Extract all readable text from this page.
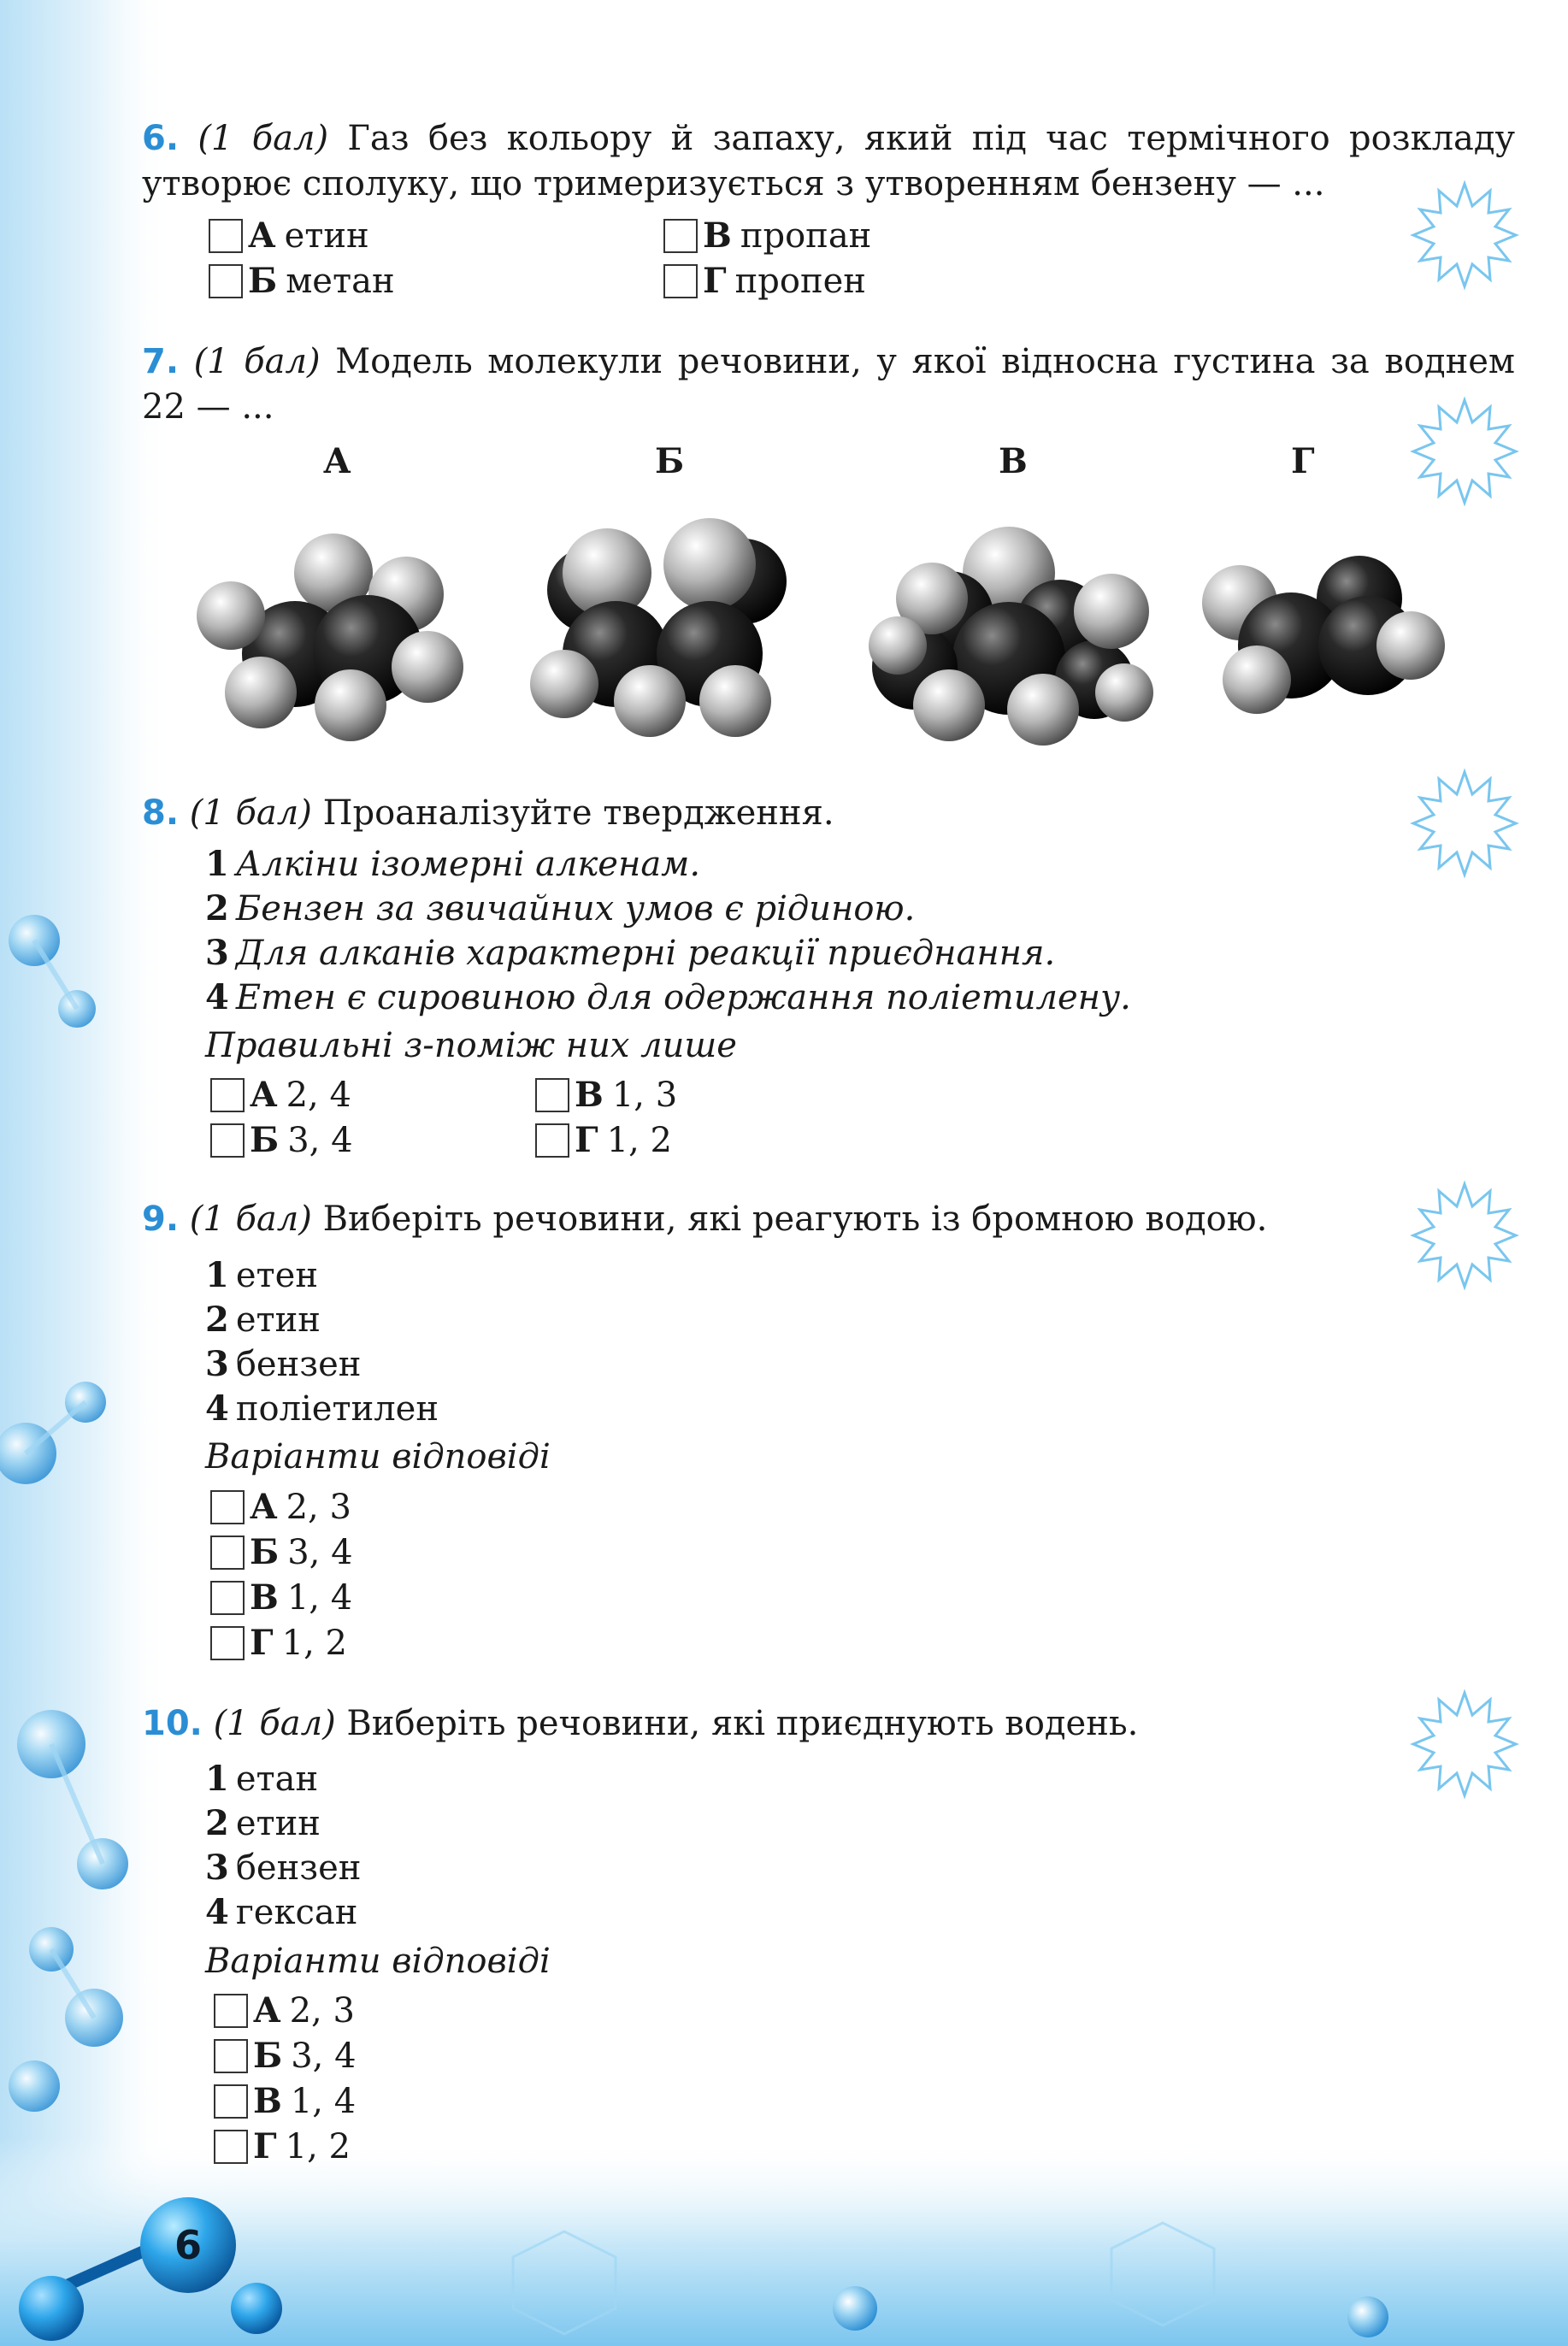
6. (1 бал) Газ без кольору й запаху, який під час термічного розкладу утворює сполуку, що тримеризується з утворенням бензену — ...

А етин
Б метан
В пропан
Г пропен

7. (1 бал) Модель молекули речовини, у якої відносна густина за воднем 22 — ...

А	Б	В	Г

8. (1 бал) Проаналізуйте твердження.

1 Алкіни ізомерні алкенам.
2 Бензен за звичайних умов є рідиною.
3 Для алканів характерні реакції приєднання.
4 Етен є сировиною для одержання поліетилену.
Правильні з-поміж них лише
А 2, 4
Б 3, 4
В 1, 3
Г 1, 2

9. (1 бал) Виберіть речовини, які реагують із бромною водою.

1 етен
2 етин
3 бензен
4 поліетилен
Варіанти відповіді
А 2, 3
Б 3, 4
В 1, 4
Г 1, 2

10. (1 бал) Виберіть речовини, які приєднують водень.

1 етан
2 етин
3 бензен
4 гексан
Варіанти відповіді
А 2, 3
Б 3, 4
В 1, 4
Г 1, 2
6
